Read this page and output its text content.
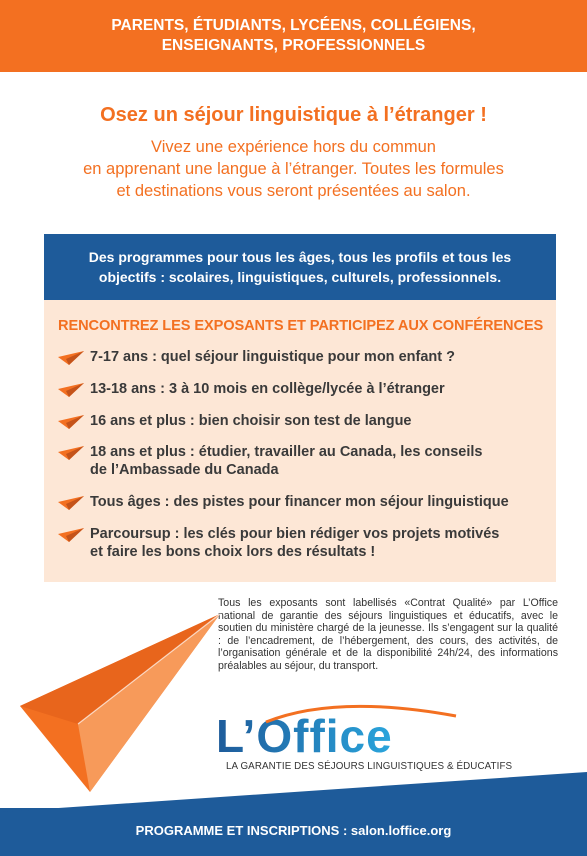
PARENTS, ÉTUDIANTS, LYCÉENS, COLLÉGIENS,
ENSEIGNANTS, PROFESSIONNELS
Osez un séjour linguistique à l’étranger !
Vivez une expérience hors du commun
en apprenant une langue à l’étranger. Toutes les formules
et destinations vous seront présentées au salon.
Des programmes pour tous les âges, tous les profils et tous les
objectifs : scolaires, linguistiques, culturels, professionnels.
RENCONTREZ LES EXPOSANTS ET PARTICIPEZ AUX CONFÉRENCES
7-17 ans : quel séjour linguistique pour mon enfant ?
13-18 ans : 3 à 10 mois en collège/lycée à l’étranger
16 ans et plus : bien choisir son test de langue
18 ans et plus : étudier, travailler au Canada, les conseils
de l’Ambassade du Canada
Tous âges : des pistes pour financer mon séjour linguistique
Parcoursup : les clés pour bien rédiger vos projets motivés
et faire les bons choix lors des résultats !
Tous les exposants sont labellisés «Contrat Qualité» par L’Office national de garantie des séjours linguistiques et éducatifs, avec le soutien du ministère chargé de la jeunesse. Ils s’engagent sur la qualité : de l’encadrement, de l’hébergement, des cours, des activités, de l’organisation générale et de la disponibilité 24h/24, des informations préalables au séjour, du transport.
L’Office
LA GARANTIE DES SÉJOURS LINGUISTIQUES & ÉDUCATIFS
PROGRAMME ET INSCRIPTIONS : salon.loffice.org
